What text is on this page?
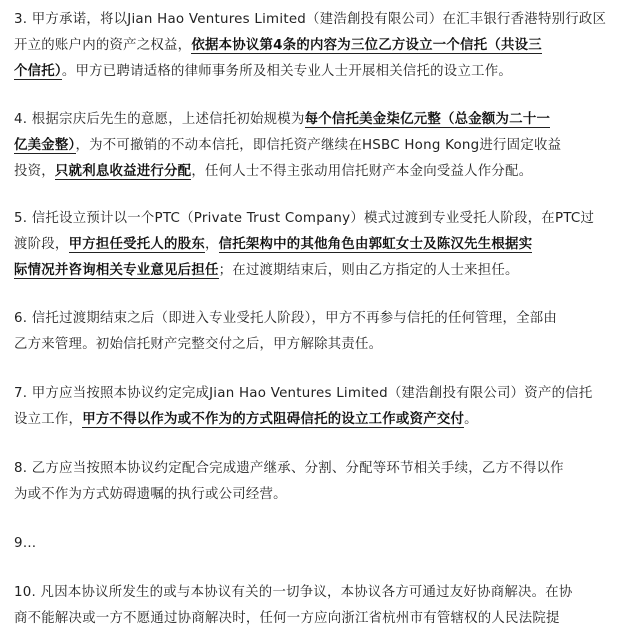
3. 甲方承诺，将以Jian Hao Ventures Limited（建浩創投有限公司）在汇丰银行香港特别行政区
开立的账户内的资产之权益，依据本协议第4条的内容为三位乙方设立一个信托（共设三
个信托）。甲方已聘请适格的律师事务所及相关专业人士开展相关信托的设立工作。
4. 根据宗庆后先生的意愿，上述信托初始规模为每个信托美金柒亿元整（总金额为二十一
亿美金整），为不可撤销的不动本信托，即信托资产继续在HSBC Hong Kong进行固定收益
投资，只就利息收益进行分配，任何人士不得主张动用信托财产本金向受益人作分配。
5. 信托设立预计以一个PTC（Private Trust Company）模式过渡到专业受托人阶段，在PTC过
渡阶段，甲方担任受托人的股东，信托架构中的其他角色由郭虹女士及陈汉先生根据实
际情况并咨询相关专业意见后担任；在过渡期结束后，则由乙方指定的人士来担任。
6. 信托过渡期结束之后（即进入专业受托人阶段），甲方不再参与信托的任何管理，全部由
乙方来管理。初始信托财产完整交付之后，甲方解除其责任。
7. 甲方应当按照本协议约定完成Jian Hao Ventures Limited（建浩創投有限公司）资产的信托
设立工作，甲方不得以作为或不作为的方式阻碍信托的设立工作或资产交付。
8. 乙方应当按照本协议约定配合完成遗产继承、分割、分配等环节相关手续，乙方不得以作
为或不作为方式妨碍遗嘱的执行或公司经营。
9…
10. 凡因本协议所发生的或与本协议有关的一切争议，本协议各方可通过友好协商解决。在协
商不能解决或一方不愿通过协商解决时，任何一方应向浙江省杭州市有管辖权的人民法院提
